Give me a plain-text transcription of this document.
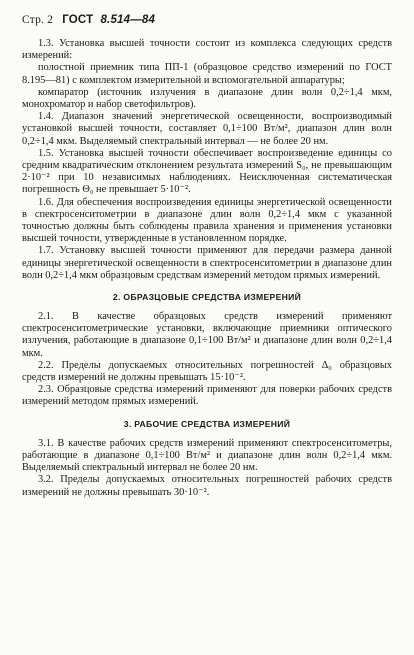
Стр. 2 ГОСТ 8.514—84

1.3. Установка высшей точности состоит из комплекса следующих средств измерений:

полостной приемник типа ПП-1 (образцовое средство измерений по ГОСТ 8.195—81) с комплектом измерительной и вспомогательной аппаратуры;

компаратор (источник излучения в диапазоне длин волн 0,2÷1,4 мкм, монохроматор и набор светофильтров).

1.4. Диапазон значений энергетической освещенности, воспроизводимый установкой высшей точности, составляет 0,1÷100 Вт/м², диапазон длин волн 0,2÷1,4 мкм. Выделяемый спектральный интервал — не более 20 нм.

1.5. Установка высшей точности обеспечивает воспроизведение единицы со средним квадратическим отклонением результата измерений S₀, не превышающим 2·10⁻² при 10 независимых наблюдениях. Неисключенная систематическая погрешность Θ₀ не превышает 5·10⁻².

1.6. Для обеспечения воспроизведения единицы энергетической освещенности в спектросенситометрии в диапазоне длин волн 0,2÷1,4 мкм с указанной точностью должны быть соблюдены правила хранения и применения установки высшей точности, утвержденные в установленном порядке.

1.7. Установку высшей точности применяют для передачи размера данной единицы энергетической освещенности в спектросенситометрии в диапазоне длин волн 0,2÷1,4 мкм образцовым средствам измерений методом прямых измерений.

2. ОБРАЗЦОВЫЕ СРЕДСТВА ИЗМЕРЕНИЙ

2.1. В качестве образцовых средств измерений применяют спектросенситометрические установки, включающие приемники оптического излучения, работающие в диапазоне 0,1÷100 Вт/м² и диапазоне длин волн 0,2÷1,4 мкм.

2.2. Пределы допускаемых относительных погрешностей Δ₀ образцовых средств измерений не должны превышать 15·10⁻².

2.3. Образцовые средства измерений применяют для поверки рабочих средств измерений методом прямых измерений.

3. РАБОЧИЕ СРЕДСТВА ИЗМЕРЕНИЙ

3.1. В качестве рабочих средств измерений применяют спектросенситометры, работающие в диапазоне 0,1÷100 Вт/м² и диапазоне длин волн 0,2÷1,4 мкм. Выделяемый спектральный интервал не более 20 нм.

3.2. Пределы допускаемых относительных погрешностей рабочих средств измерений не должны превышать 30·10⁻².
